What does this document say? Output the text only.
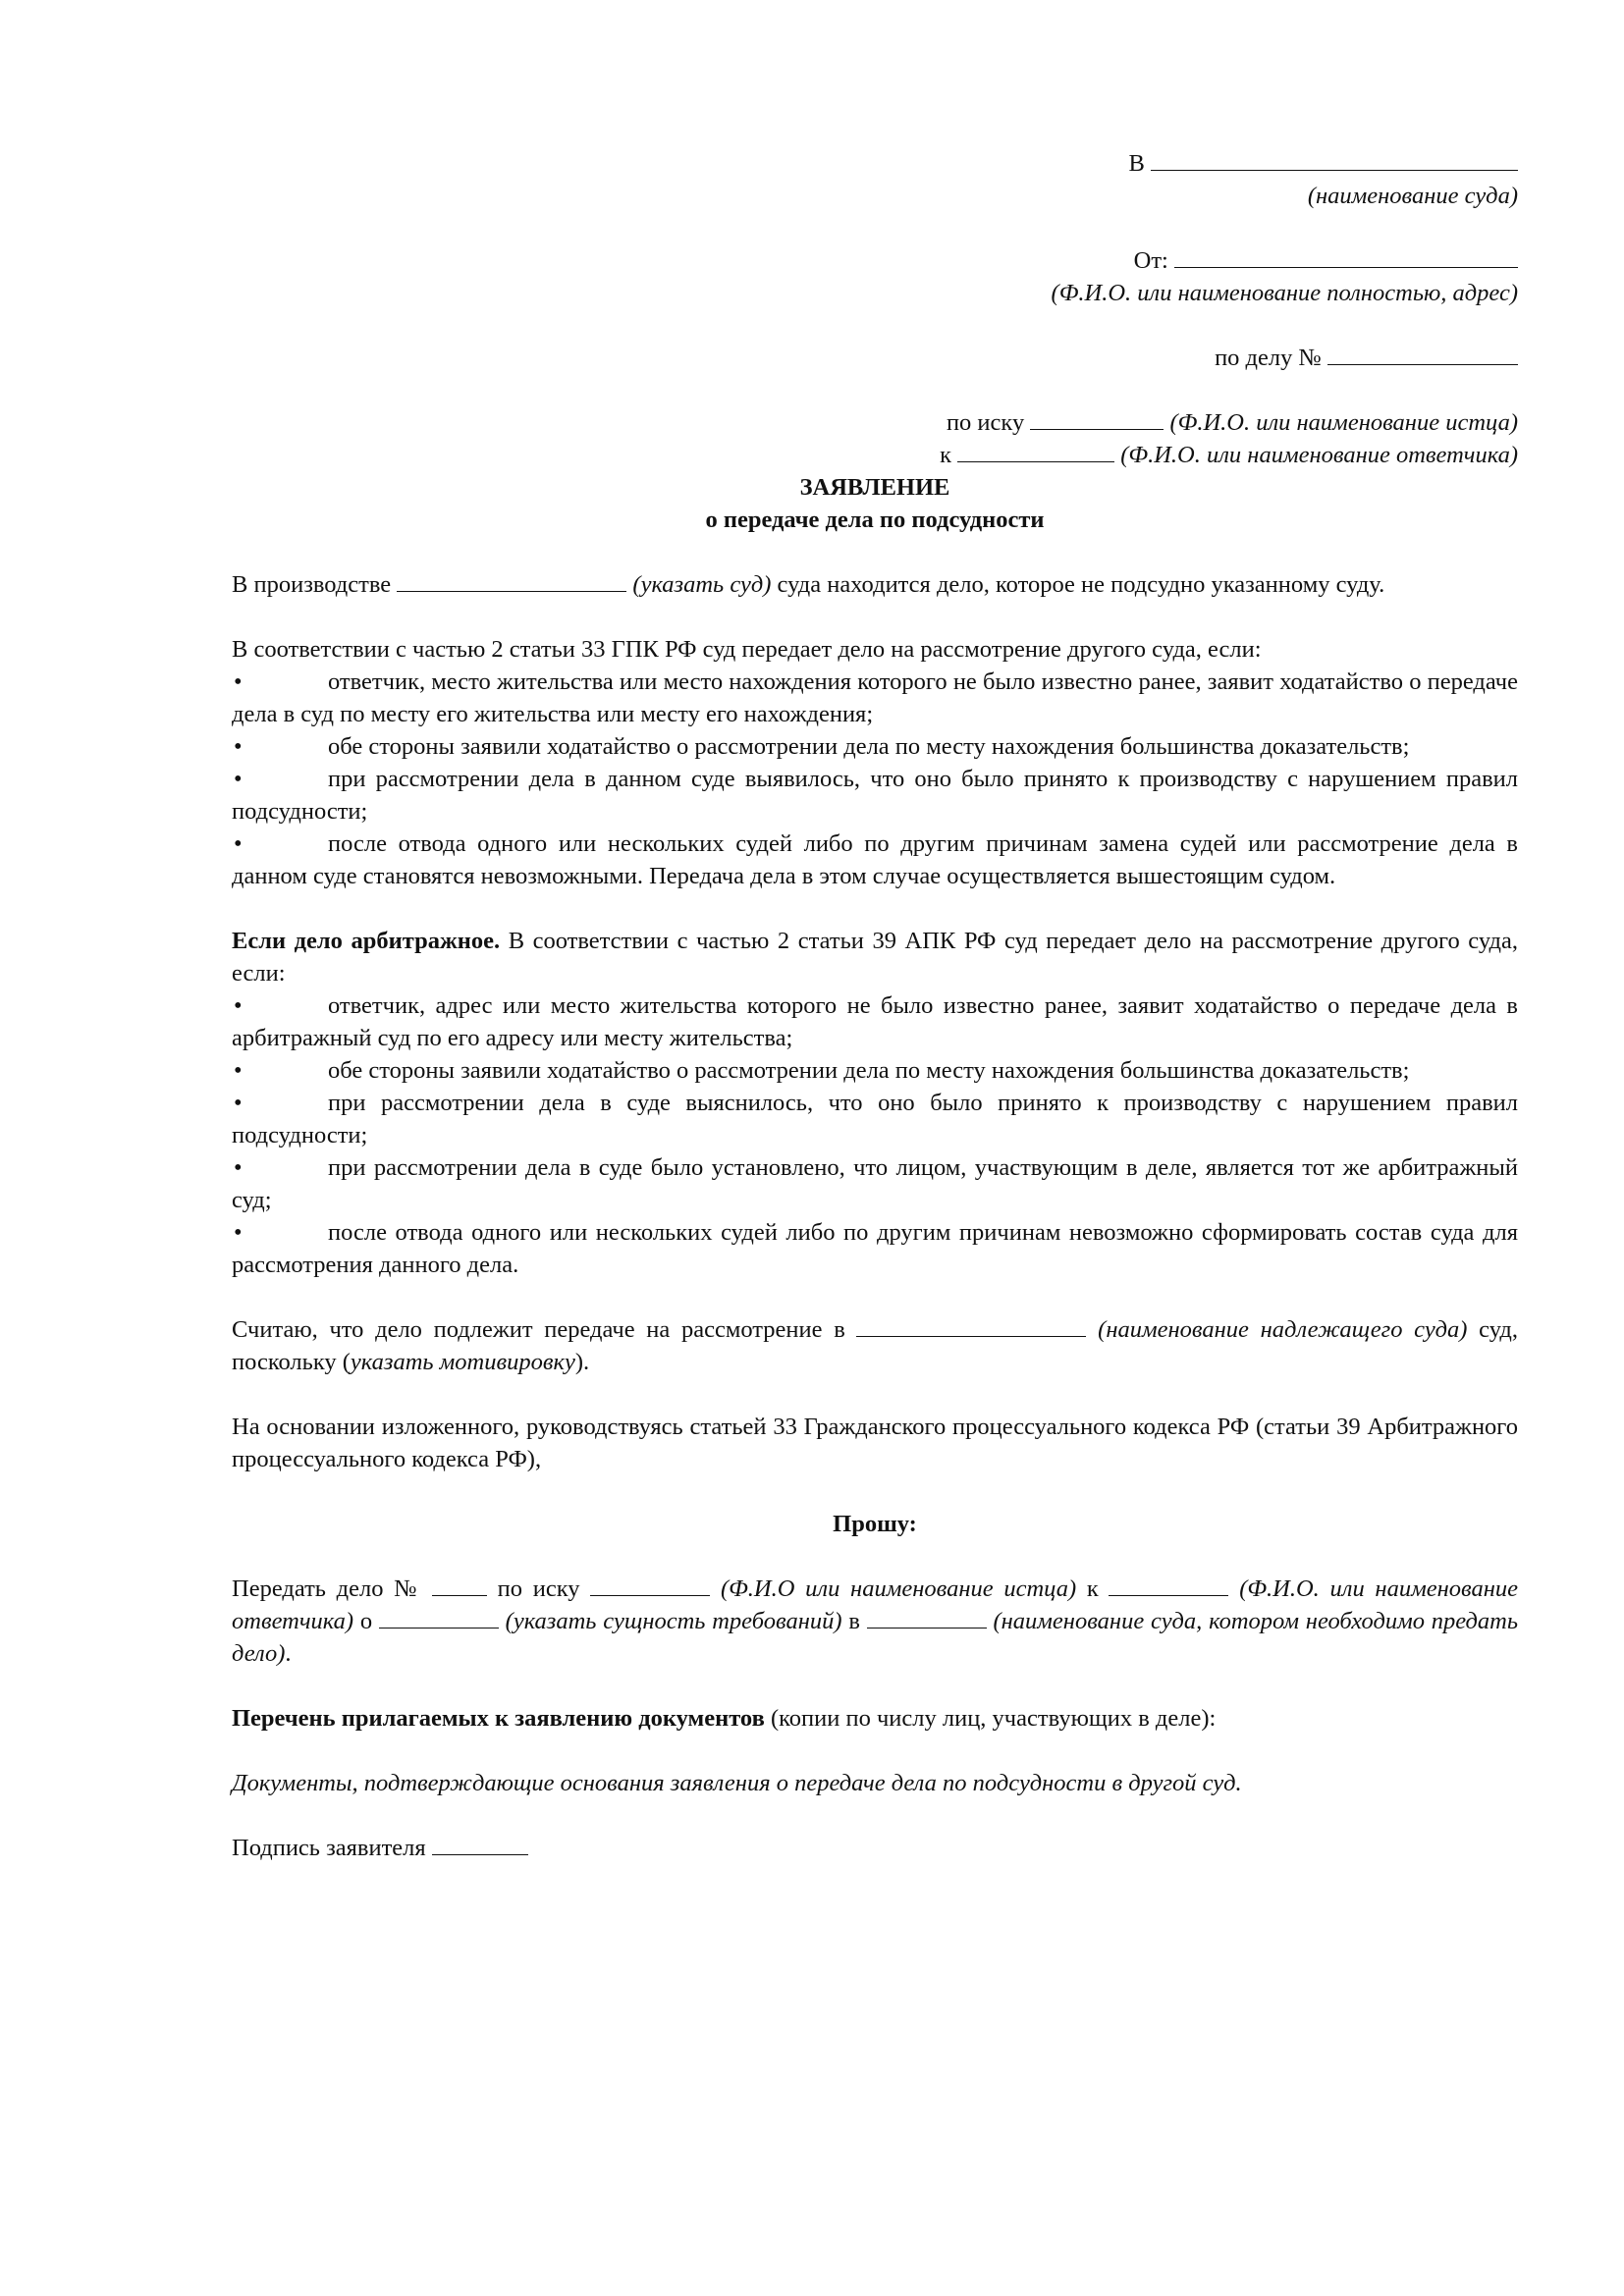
В
(наименование суда)
От:
(Ф.И.О. или наименование полностью, адрес)
по делу №
по иску	(Ф.И.О. или наименование истца)
к	(Ф.И.О. или наименование ответчика)
ЗАЯВЛЕНИЕ
о передаче дела по подсудности

В производстве	(указать суд) суда находится дело, которое не подсудно указанному суду.

В соответствии с частью 2 статьи 33 ГПК РФ суд передает дело на рассмотрение другого суда, если:

•	ответчик, место жительства или место нахождения которого не было известно ранее, заявит ходатайство о передаче дела в суд по месту его жительства или месту его нахождения;
•	обе стороны заявили ходатайство о рассмотрении дела по месту нахождения большинства доказательств;
•	при рассмотрении дела в данном суде выявилось, что оно было принято к производству с нарушением правил подсудности;
•	после отвода одного или нескольких судей либо по другим причинам замена судей или рассмотрение дела в данном суде становятся невозможными. Передача дела в этом случае осуществляется вышестоящим судом.

Если дело арбитражное. В соответствии с частью 2 статьи 39 АПК РФ суд передает дело на рассмотрение другого суда, если:

•	ответчик, адрес или место жительства которого не было известно ранее, заявит ходатайство о передаче дела в арбитражный суд по его адресу или месту жительства;
•	обе стороны заявили ходатайство о рассмотрении дела по месту нахождения большинства доказательств;
•	при рассмотрении дела в суде выяснилось, что оно было принято к производству с нарушением правил подсудности;
•	при рассмотрении дела в суде было установлено, что лицом, участвующим в деле, является тот же арбитражный суд;
•	после отвода одного или нескольких судей либо по другим причинам невозможно сформировать состав суда для рассмотрения данного дела.

Считаю, что дело подлежит передаче на рассмотрение в	(наименование надлежащего суда) суд, поскольку (указать мотивировку).

На основании изложенного, руководствуясь статьей 33 Гражданского процессуального кодекса РФ (статьи 39 Арбитражного процессуального кодекса РФ),

Прошу:

Передать дело №	по иску	(Ф.И.О или наименование истца) к	(Ф.И.О. или наименование ответчика) о	(указать сущность требований) в	(наименование суда, котором необходимо предать дело).

Перечень прилагаемых к заявлению документов (копии по числу лиц, участвующих в деле):

Документы, подтверждающие основания заявления о передаче дела по подсудности в другой суд.

Подпись заявителя
